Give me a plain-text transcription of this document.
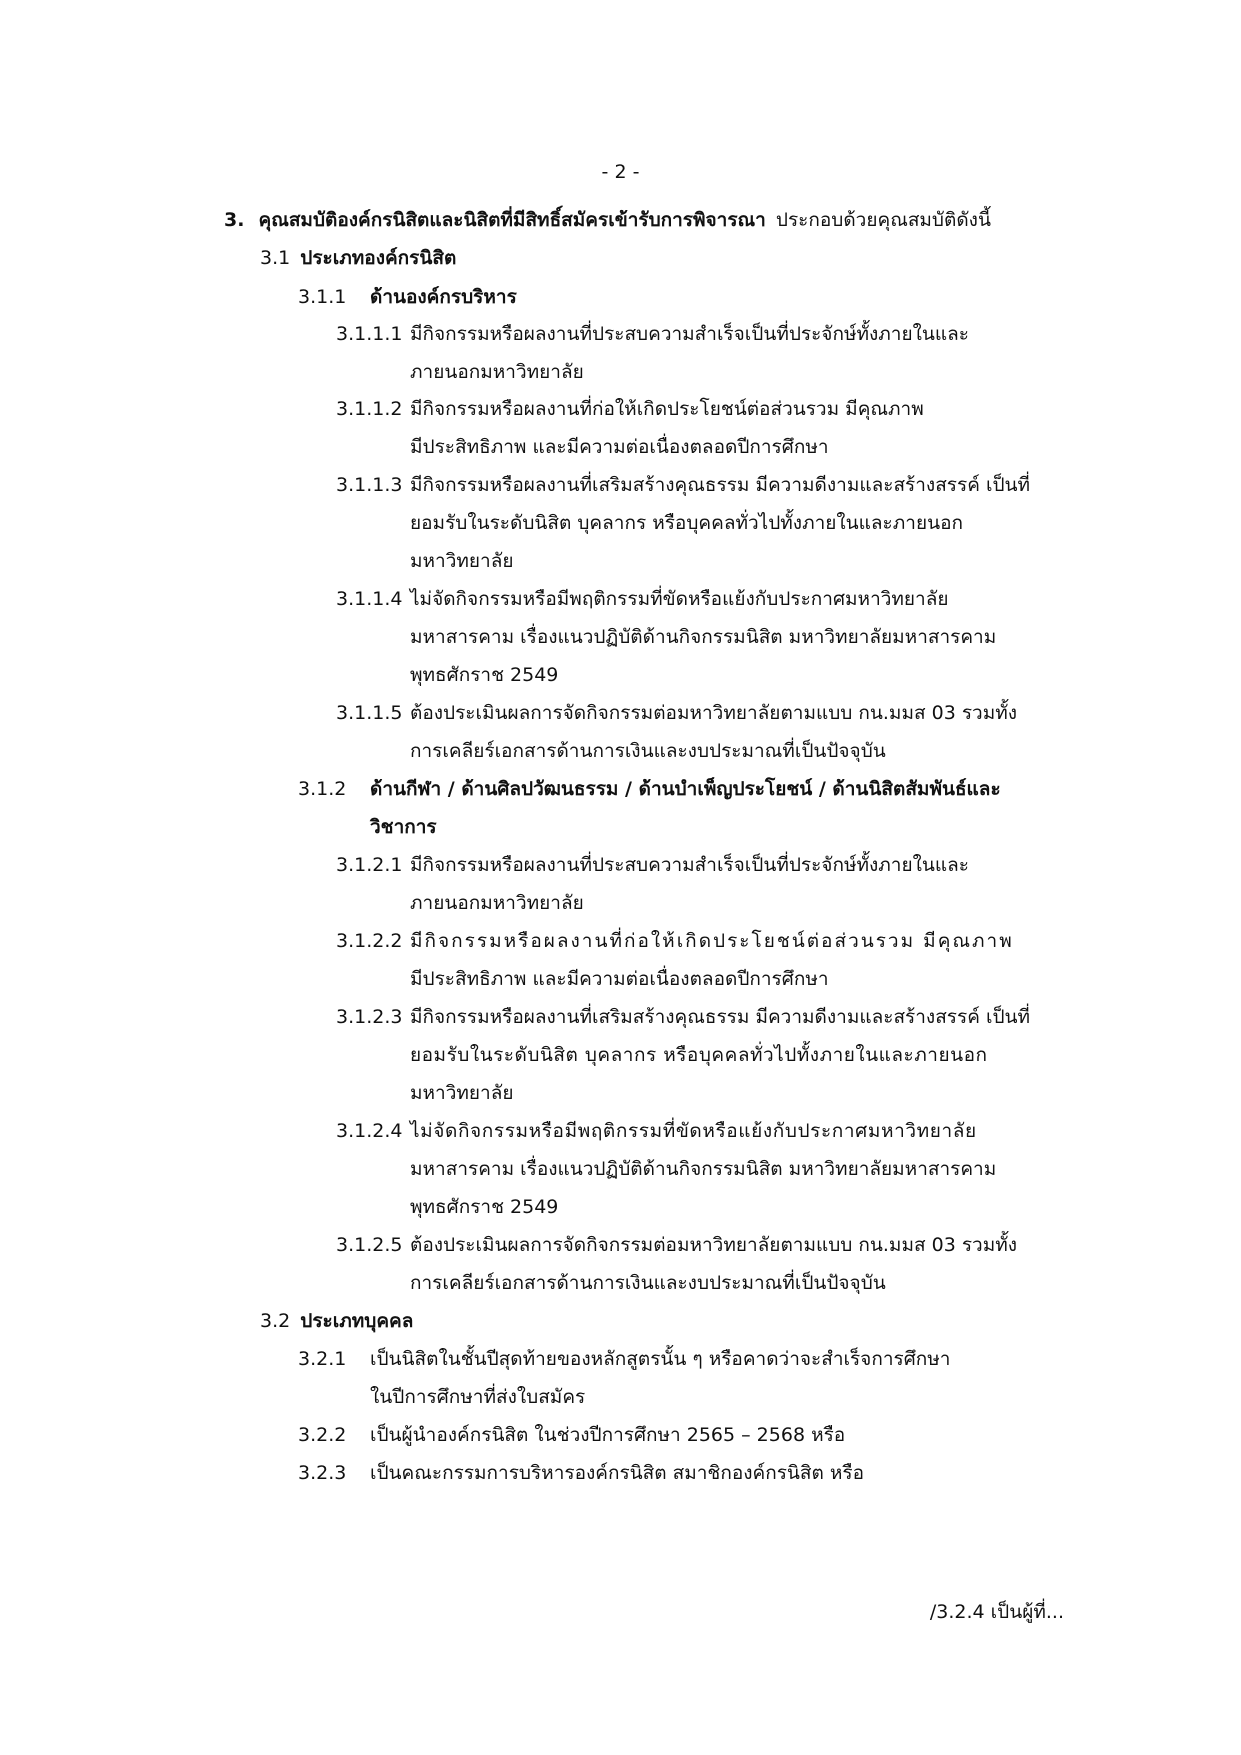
- 2 -
3. คุณสมบัติองค์กรนิสิตและนิสิตที่มีสิทธิ์สมัครเข้ารับการพิจารณา ประกอบด้วยคุณสมบัติดังนี้
3.1 ประเภทองค์กรนิสิต
3.1.1 ด้านองค์กรบริหาร
3.1.1.1 มีกิจกรรมหรือผลงานที่ประสบความสำเร็จเป็นที่ประจักษ์ทั้งภายในและ
ภายนอกมหาวิทยาลัย
3.1.1.2 มีกิจกรรมหรือผลงานที่ก่อให้เกิดประโยชน์ต่อส่วนรวม มีคุณภาพ
มีประสิทธิภาพ และมีความต่อเนื่องตลอดปีการศึกษา
3.1.1.3 มีกิจกรรมหรือผลงานที่เสริมสร้างคุณธรรม มีความดีงามและสร้างสรรค์ เป็นที่
ยอมรับในระดับนิสิต บุคลากร หรือบุคคลทั่วไปทั้งภายในและภายนอก
มหาวิทยาลัย
3.1.1.4 ไม่จัดกิจกรรมหรือมีพฤติกรรมที่ขัดหรือแย้งกับประกาศมหาวิทยาลัย
มหาสารคาม เรื่องแนวปฏิบัติด้านกิจกรรมนิสิต มหาวิทยาลัยมหาสารคาม
พุทธศักราช 2549
3.1.1.5 ต้องประเมินผลการจัดกิจกรรมต่อมหาวิทยาลัยตามแบบ กน.มมส 03 รวมทั้ง
การเคลียร์เอกสารด้านการเงินและงบประมาณที่เป็นปัจจุบัน
3.1.2 ด้านกีฬา / ด้านศิลปวัฒนธรรม / ด้านบำเพ็ญประโยชน์ / ด้านนิสิตสัมพันธ์และ
วิชาการ
3.1.2.1 มีกิจกรรมหรือผลงานที่ประสบความสำเร็จเป็นที่ประจักษ์ทั้งภายในและ
ภายนอกมหาวิทยาลัย
3.1.2.2 มีกิจกรรมหรือผลงานที่ก่อให้เกิดประโยชน์ต่อส่วนรวม มีคุณภาพ
มีประสิทธิภาพ และมีความต่อเนื่องตลอดปีการศึกษา
3.1.2.3 มีกิจกรรมหรือผลงานที่เสริมสร้างคุณธรรม มีความดีงามและสร้างสรรค์ เป็นที่
ยอมรับในระดับนิสิต บุคลากร หรือบุคคลทั่วไปทั้งภายในและภายนอก
มหาวิทยาลัย
3.1.2.4 ไม่จัดกิจกรรมหรือมีพฤติกรรมที่ขัดหรือแย้งกับประกาศมหาวิทยาลัย
มหาสารคาม เรื่องแนวปฏิบัติด้านกิจกรรมนิสิต มหาวิทยาลัยมหาสารคาม
พุทธศักราช 2549
3.1.2.5 ต้องประเมินผลการจัดกิจกรรมต่อมหาวิทยาลัยตามแบบ กน.มมส 03 รวมทั้ง
การเคลียร์เอกสารด้านการเงินและงบประมาณที่เป็นปัจจุบัน
3.2 ประเภทบุคคล
3.2.1 เป็นนิสิตในชั้นปีสุดท้ายของหลักสูตรนั้น ๆ หรือคาดว่าจะสำเร็จการศึกษา
ในปีการศึกษาที่ส่งใบสมัคร
3.2.2 เป็นผู้นำองค์กรนิสิต ในช่วงปีการศึกษา 2565 – 2568 หรือ
3.2.3 เป็นคณะกรรมการบริหารองค์กรนิสิต สมาชิกองค์กรนิสิต หรือ
/3.2.4 เป็นผู้ที่...
